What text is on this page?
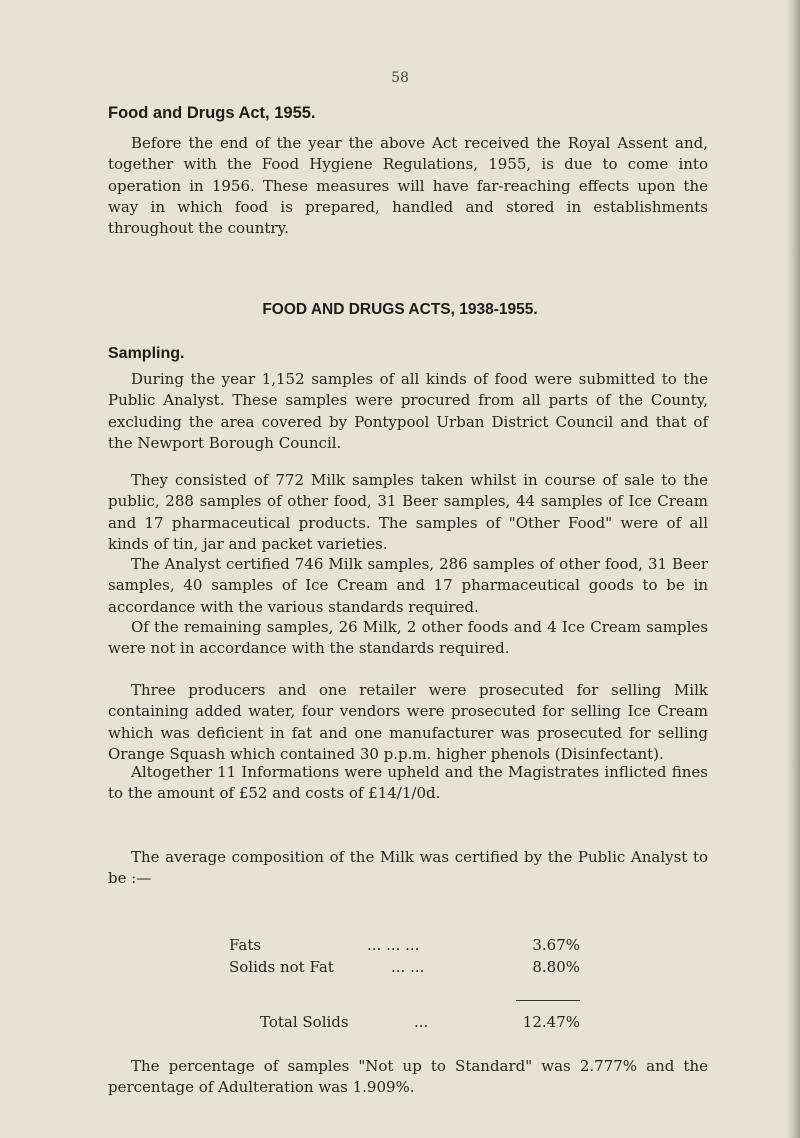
58
Food and Drugs Act, 1955.

Before the end of the year the above Act received the Royal Assent and, together with the Food Hygiene Regulations, 1955, is due to come into operation in 1956. These measures will have far-reaching effects upon the way in which food is prepared, handled and stored in establishments throughout the country.

FOOD AND DRUGS ACTS, 1938-1955.
Sampling.

During the year 1,152 samples of all kinds of food were submitted to the Public Analyst. These samples were procured from all parts of the County, excluding the area covered by Pontypool Urban District Council and that of the Newport Borough Council.

They consisted of 772 Milk samples taken whilst in course of sale to the public, 288 samples of other food, 31 Beer samples, 44 samples of Ice Cream and 17 pharmaceutical products. The samples of "Other Food" were of all kinds of tin, jar and packet varieties.

The Analyst certified 746 Milk samples, 286 samples of other food, 31 Beer samples, 40 samples of Ice Cream and 17 pharmaceutical goods to be in accordance with the various standards required.

Of the remaining samples, 26 Milk, 2 other foods and 4 Ice Cream samples were not in accordance with the standards required.

Three producers and one retailer were prosecuted for selling Milk containing added water, four vendors were prosecuted for selling Ice Cream which was deficient in fat and one manufacturer was prosecuted for selling Orange Squash which contained 30 p.p.m. higher phenols (Disinfectant).

Altogether 11 Informations were upheld and the Magistrates inflicted fines to the amount of £52 and costs of £14/1/0d.

The average composition of the Milk was certified by the Public Analyst to be :—

Fats	... ... ...	3.67%
Solids not Fat	... ...	8.80%
Total Solids	...	12.47%

The percentage of samples "Not up to Standard" was 2.777% and the percentage of Adulteration was 1.909%.
